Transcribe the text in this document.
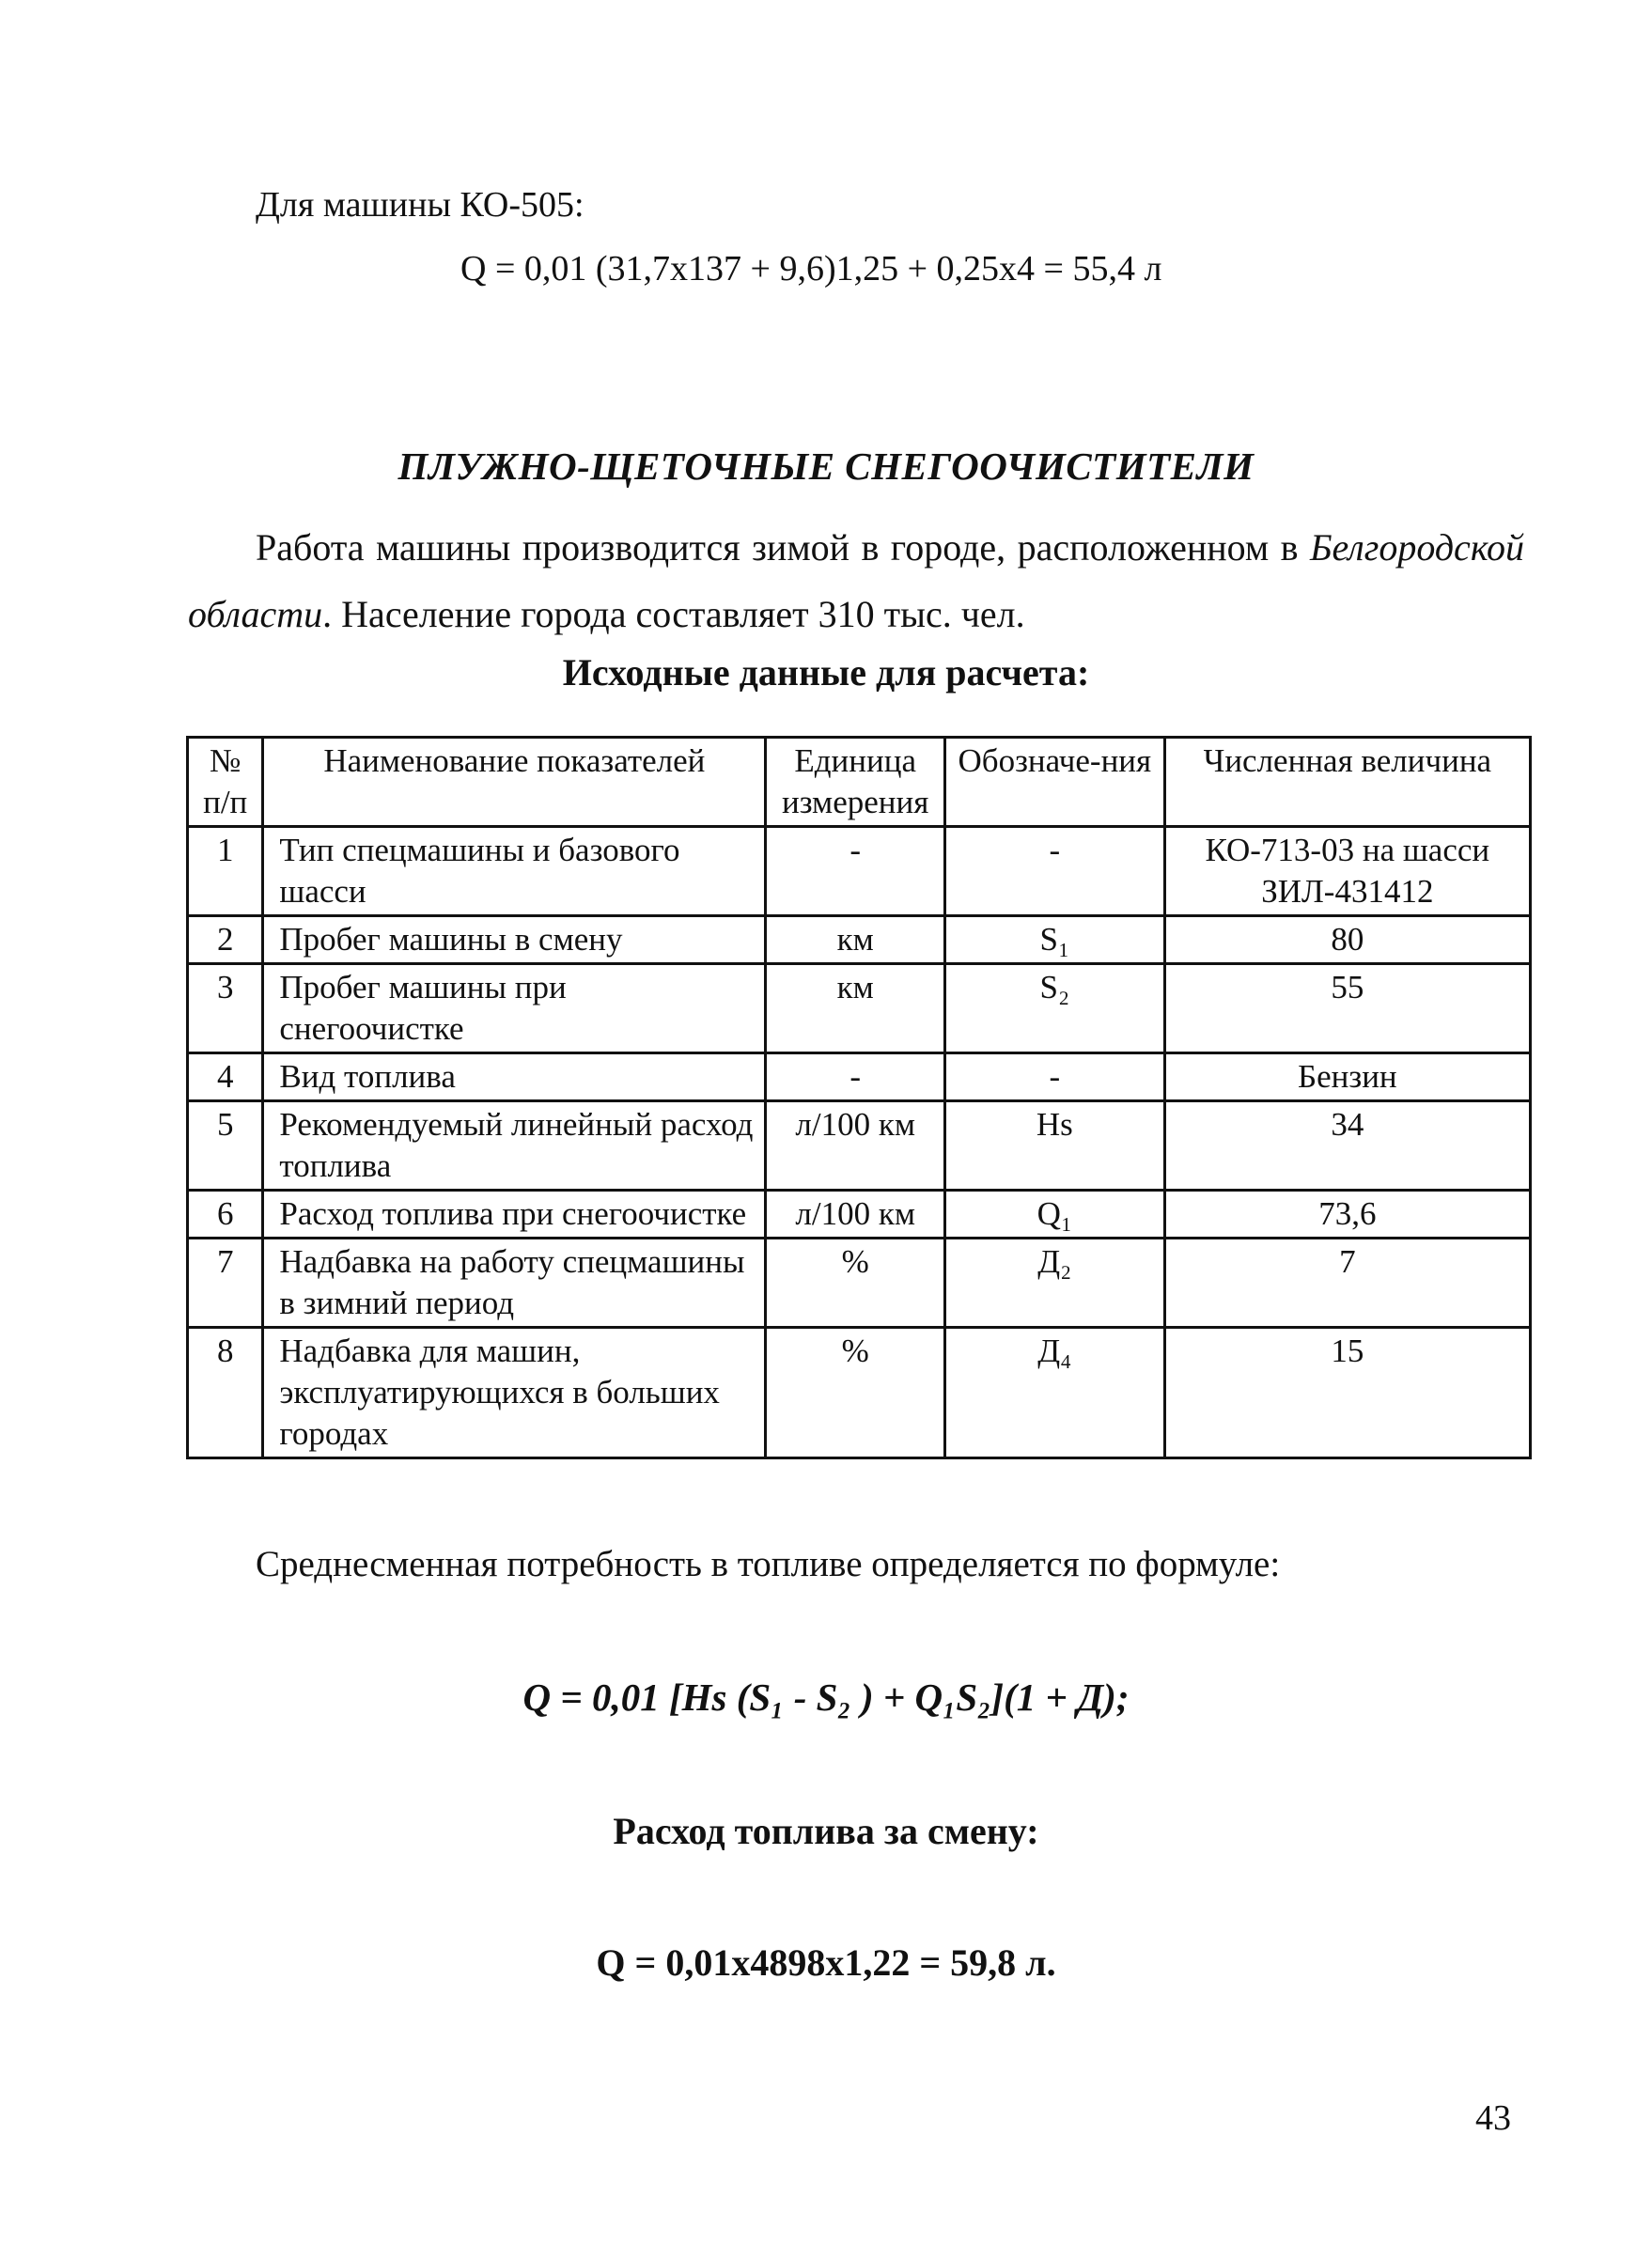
Для машины КО-505:
Q = 0,01 (31,7x137 + 9,6)1,25 + 0,25x4 = 55,4 л
ПЛУЖНО-ЩЕТОЧНЫЕ СНЕГООЧИСТИТЕЛИ
Работа машины производится зимой в городе, расположенном в Белгородской области. Население города составляет 310 тыс. чел.
Исходные данные для расчета:
№ п/п	Наименование показателей	Единица измерения	Обозначе-ния	Численная величина
1	Тип спецмашины и базового шасси	-	-	КО-713-03 на шасси ЗИЛ-431412
2	Пробег машины в смену	км	S₁	80
3	Пробег машины при снегоочистке	км	S₂	55
4	Вид топлива	-	-	Бензин
5	Рекомендуемый линейный расход топлива	л/100 км	Hs	34
6	Расход топлива при снегоочистке	л/100 км	Q₁	73,6
7	Надбавка на работу спецмашины в зимний период	%	Д₂	7
8	Надбавка для машин, эксплуатирующихся в больших городах	%	Д₄	15
Среднесменная потребность в топливе определяется по формуле:
Q = 0,01 [Hs (S₁ - S₂ ) + Q₁S₂](1 + Д);
Расход топлива за смену:
Q = 0,01x4898x1,22 = 59,8 л.
43
